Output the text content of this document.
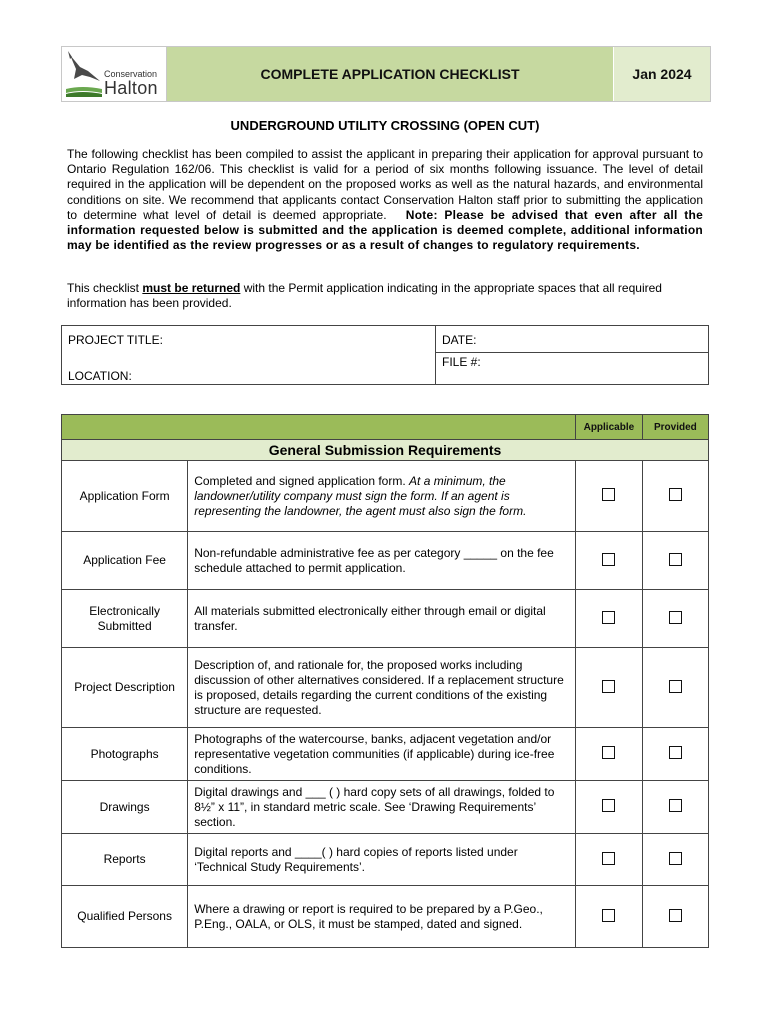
Conservation
Halton
COMPLETE APPLICATION CHECKLIST	Jan 2024
UNDERGROUND UTILITY CROSSING (OPEN CUT)
The following checklist has been compiled to assist the applicant in preparing their application for approval pursuant to Ontario Regulation 162/06. This checklist is valid for a period of six months following issuance. The level of detail required in the application will be dependent on the proposed works as well as the natural hazards, and environmental conditions on site. We recommend that applicants contact Conservation Halton staff prior to submitting the application to determine what level of detail is deemed appropriate. Note: Please be advised that even after all the information requested below is submitted and the application is deemed complete, additional information may be identified as the review progresses or as a result of changes to regulatory requirements.
This checklist must be returned with the Permit application indicating in the appropriate spaces that all required information has been provided.
PROJECT TITLE:
LOCATION:
DATE:
FILE #:
		Applicable	Provided
General Submission Requirements			
Application Form	Completed and signed application form. At a minimum, the landowner/utility company must sign the form. If an agent is representing the landowner, the agent must also sign the form.		
Application Fee	Non-refundable administrative fee as per category _____ on the fee schedule attached to permit application.		
Electronically Submitted	All materials submitted electronically either through email or digital transfer.		
Project Description	Description of, and rationale for, the proposed works including discussion of other alternatives considered. If a replacement structure is proposed, details regarding the current conditions of the existing structure are requested.		
Photographs	Photographs of the watercourse, banks, adjacent vegetation and/or representative vegetation communities (if applicable) during ice-free conditions.		
Drawings	Digital drawings and ___ ( ) hard copy sets of all drawings, folded to 8½” x 11”, in standard metric scale. See ‘Drawing Requirements’ section.		
Reports	Digital reports and ____( ) hard copies of reports listed under ‘Technical Study Requirements’.		
Qualified Persons	Where a drawing or report is required to be prepared by a P.Geo., P.Eng., OALA, or OLS, it must be stamped, dated and signed.		
